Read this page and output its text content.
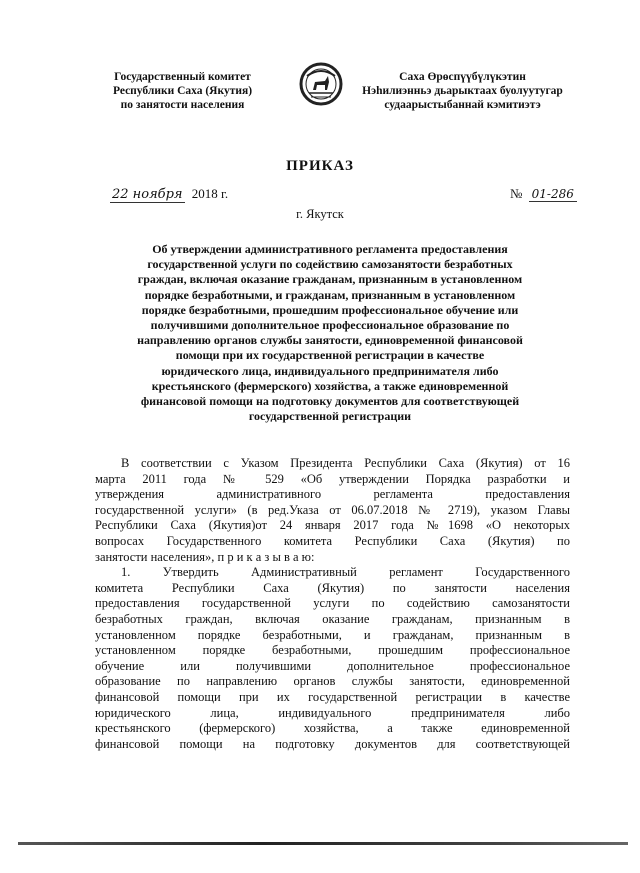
Государственный комитет
Республики Саха (Якутия)
по занятости населения
Саха Өрөспүүбүлүкэтин
Нэһилиэнньэ дьарыктаах буолуутугар
судаарыстыбаннай кэмитиэтэ
ПРИКАЗ
22 ноября 2018 г.	№ 01-286
г. Якутск
Об утверждении административного регламента предоставления
государственной услуги по содействию самозанятости безработных
граждан, включая оказание гражданам, признанным в установленном
порядке безработными, и гражданам, признанным в установленном
порядке безработными, прошедшим профессиональное обучение или
получившими дополнительное профессиональное образование по
направлению органов службы занятости, единовременной финансовой
помощи при их государственной регистрации в качестве
юридического лица, индивидуального предпринимателя либо
крестьянского (фермерского) хозяйства, а также единовременной
финансовой помощи на подготовку документов для соответствующей
государственной регистрации
В соответствии с Указом Президента Республики Саха (Якутия) от 16
марта 2011 года № 529 «Об утверждении Порядка разработки и
утверждения административного регламента предоставления
государственной услуги» (в ред.Указа от 06.07.2018 № 2719), указом Главы
Республики Саха (Якутия)от 24 января 2017 года №1698 «О некоторых
вопросах Государственного комитета Республики Саха (Якутия) по
занятости населения», п р и к а з ы в а ю:
1. Утвердить Административный регламент Государственного
комитета Республики Саха (Якутия) по занятости населения
предоставления государственной услуги по содействию самозанятости
безработных граждан, включая оказание гражданам, признанным в
установленном порядке безработными, и гражданам, признанным в
установленном порядке безработными, прошедшим профессиональное
обучение или получившими дополнительное профессиональное
образование по направлению органов службы занятости, единовременной
финансовой помощи при их государственной регистрации в качестве
юридического лица, индивидуального предпринимателя либо
крестьянского (фермерского) хозяйства, а также единовременной
финансовой помощи на подготовку документов для соответствующей
